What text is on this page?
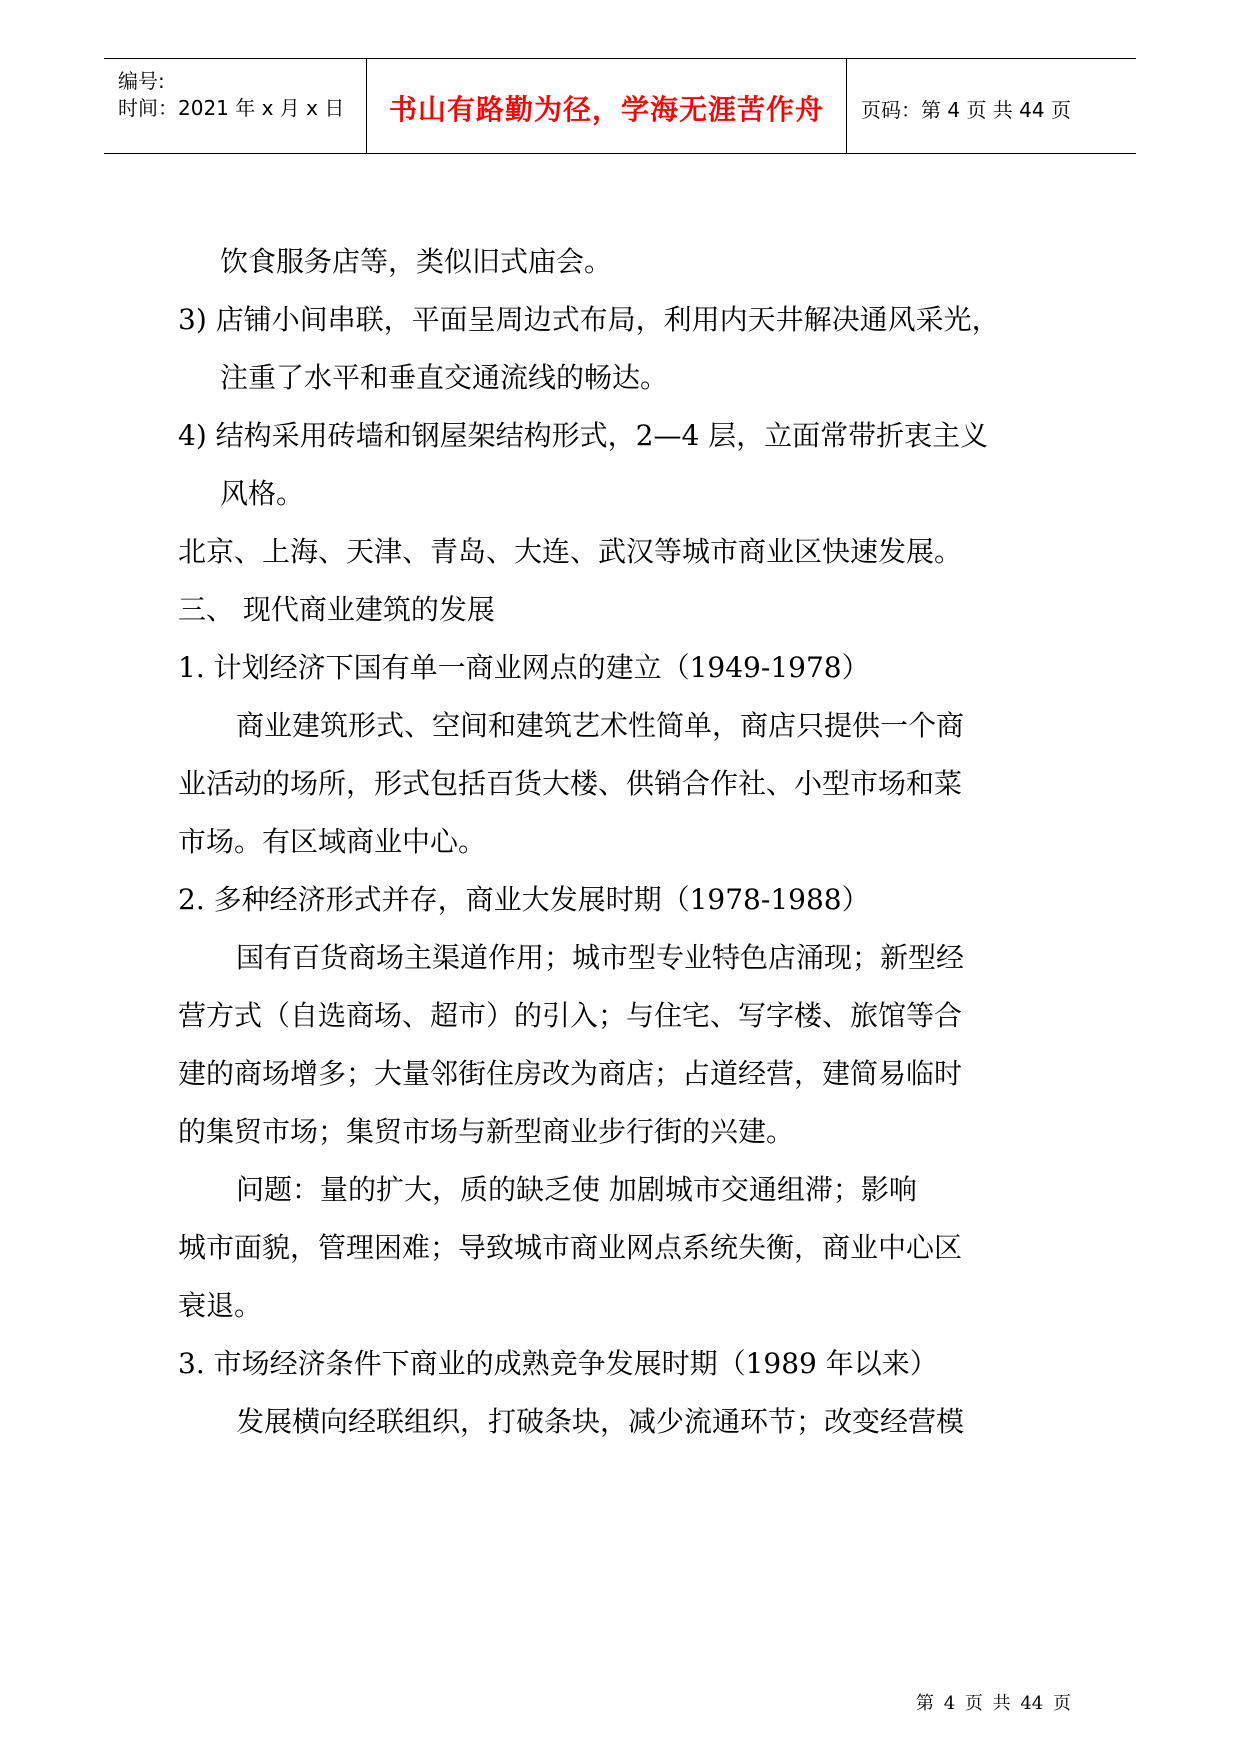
编号:
时间：2021 年 x 月 x 日	书山有路勤为径，学海无涯苦作舟	页码：第 4 页 共 44 页
饮食服务店等，类似旧式庙会。
3) 店铺小间串联，平面呈周边式布局，利用内天井解决通风采光，
注重了水平和垂直交通流线的畅达。
4) 结构采用砖墙和钢屋架结构形式，2—4 层，立面常带折衷主义
风格。
北京、上海、天津、青岛、大连、武汉等城市商业区快速发展。
三、 现代商业建筑的发展
1. 计划经济下国有单一商业网点的建立（1949-1978）
商业建筑形式、空间和建筑艺术性简单，商店只提供一个商
业活动的场所，形式包括百货大楼、供销合作社、小型市场和菜
市场。有区域商业中心。
2. 多种经济形式并存，商业大发展时期（1978-1988）
国有百货商场主渠道作用；城市型专业特色店涌现；新型经
营方式（自选商场、超市）的引入；与住宅、写字楼、旅馆等合
建的商场增多；大量邻街住房改为商店；占道经营，建简易临时
的集贸市场；集贸市场与新型商业步行街的兴建。
问题：量的扩大，质的缺乏使 加剧城市交通组滞；影响
城市面貌，管理困难；导致城市商业网点系统失衡，商业中心区
衰退。
3. 市场经济条件下商业的成熟竞争发展时期（1989 年以来）
发展横向经联组织，打破条块，减少流通环节；改变经营模
第 4 页 共 44 页
